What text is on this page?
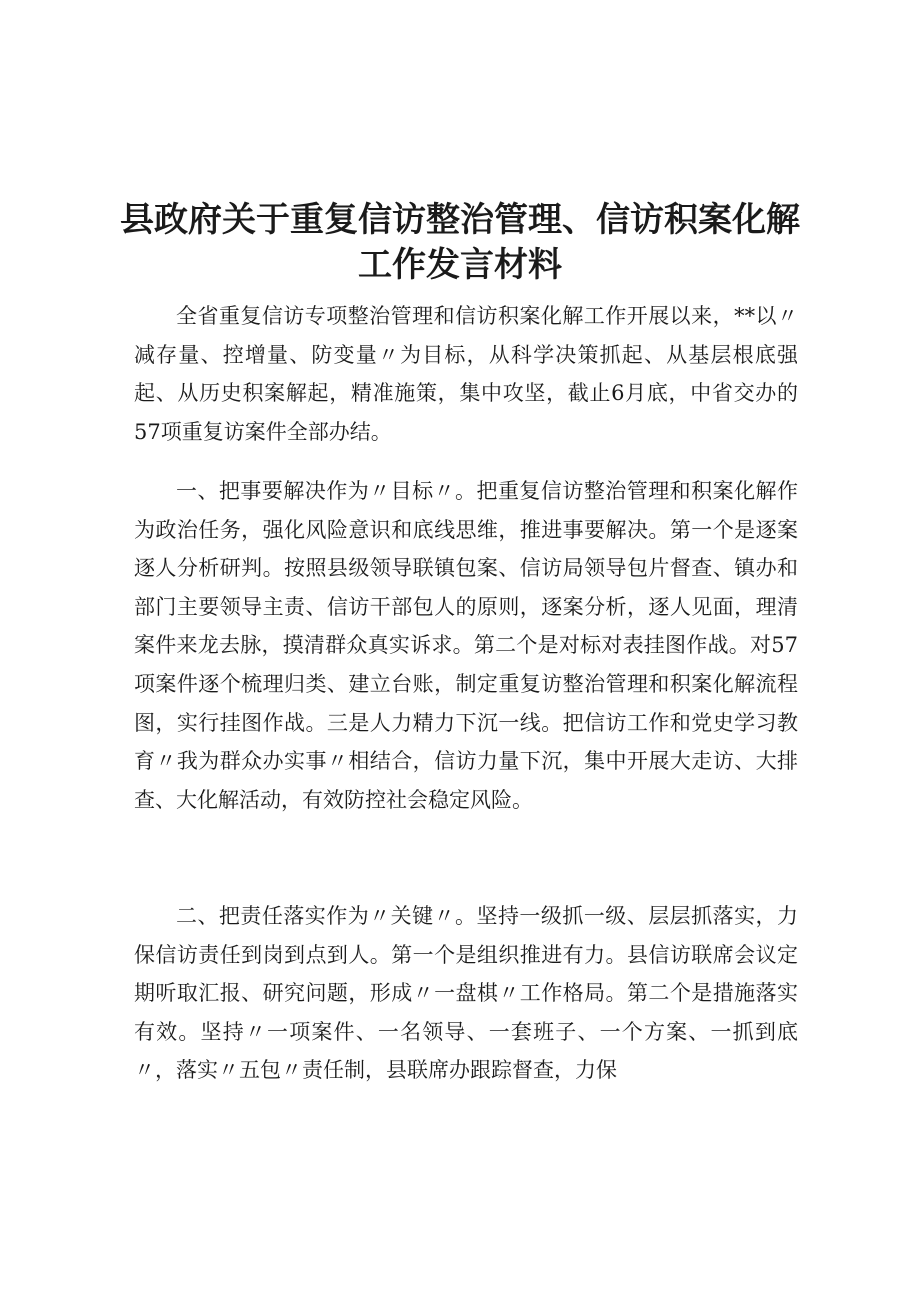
县政府关于重复信访整治管理、信访积案化解
工作发言材料

全省重复信访专项整治管理和信访积案化解工作开展以来，**以〃减存量、控增量、防变量〃为目标，从科学决策抓起、从基层根底强起、从历史积案解起，精准施策，集中攻坚，截止6月底，中省交办的57项重复访案件全部办结。

一、把事要解决作为〃目标〃。把重复信访整治管理和积案化解作为政治任务，强化风险意识和底线思维，推进事要解决。第一个是逐案逐人分析研判。按照县级领导联镇包案、信访局领导包片督查、镇办和部门主要领导主责、信访干部包人的原则，逐案分析，逐人见面，理清案件来龙去脉，摸清群众真实诉求。第二个是对标对表挂图作战。对57项案件逐个梳理归类、建立台账，制定重复访整治管理和积案化解流程图，实行挂图作战。三是人力精力下沉一线。把信访工作和党史学习教育〃我为群众办实事〃相结合，信访力量下沉，集中开展大走访、大排查、大化解活动，有效防控社会稳定风险。

二、把责任落实作为〃关键〃。坚持一级抓一级、层层抓落实，力保信访责任到岗到点到人。第一个是组织推进有力。县信访联席会议定期听取汇报、研究问题，形成〃一盘棋〃工作格局。第二个是措施落实有效。坚持〃一项案件、一名领导、一套班子、一个方案、一抓到底〃，落实〃五包〃责任制，县联席办跟踪督查，力保
